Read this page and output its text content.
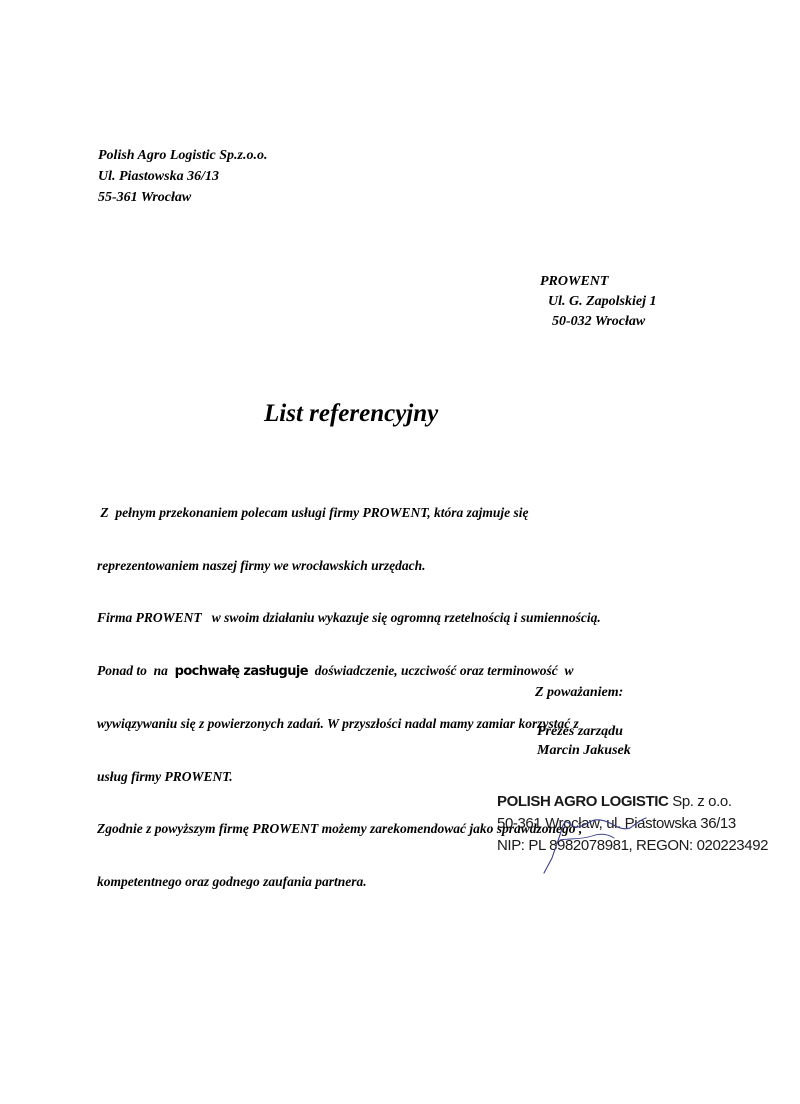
Polish Agro Logistic Sp.z.o.o.
Ul. Piastowska 36/13
55-361 Wrocław
PROWENT
Ul. G. Zapolskiej 1
50-032 Wrocław
List referencyjny

Z  pełnym przekonaniem polecam usługi firmy PROWENT, która zajmuje się

reprezentowaniem naszej firmy we wrocławskich urzędach.

Firma PROWENT   w swoim działaniu wykazuje się ogromną rzetelnością i sumiennością.

Ponad to  na  pochwałę zasługuje  doświadczenie, uczciwość oraz terminowość  w

wywiązywaniu się z powierzonych zadań. W przyszłości nadal mamy zamiar korzystać z

usług firmy PROWENT.

Zgodnie z powyższym firmę PROWENT możemy zarekomendować jako sprawdzonego ,

kompetentnego oraz godnego zaufania partnera.

Z poważaniem:
Prezes zarządu
Marcin Jakusek
POLISH AGRO LOGISTIC Sp. z o.o.
50-361 Wrocław, ul. Piastowska 36/13
NIP: PL 8982078981, REGON: 020223492
